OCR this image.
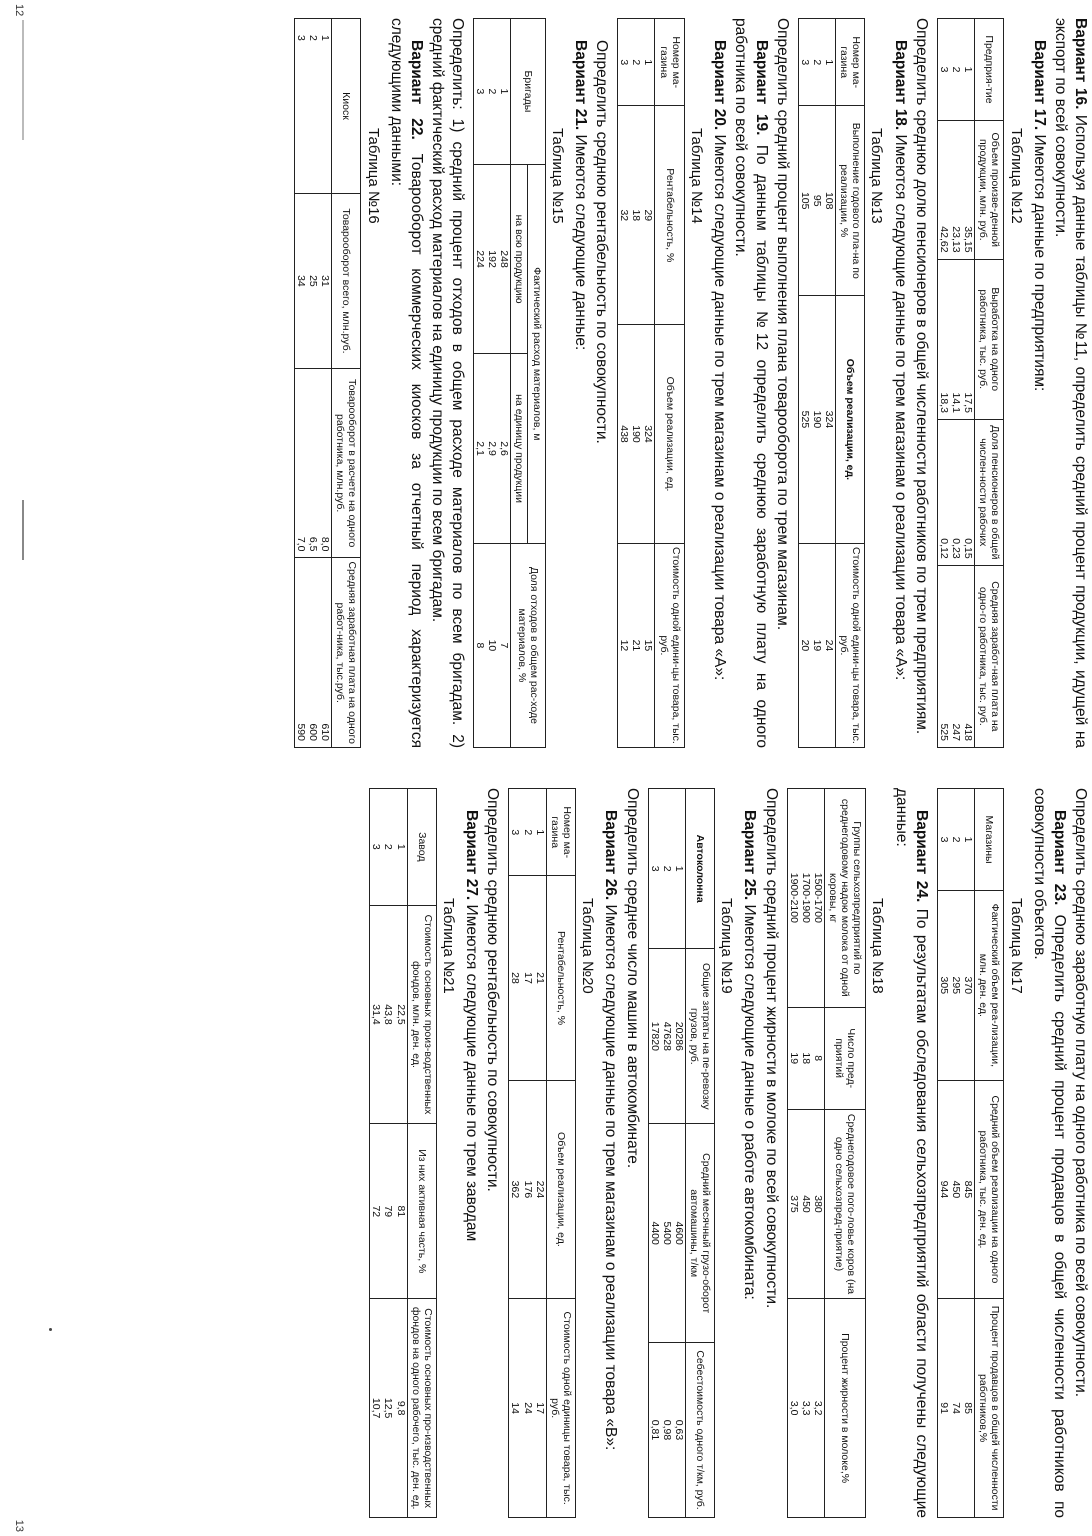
Вариант 16. Используя данные таблицы №11, определить средний процент продукции, идущей на экспорт по всей совокупности.

Вариант 17. Имеются данные по предприятиям:

Таблица №12
Предприя-тие	Объем произве-денной продукции, млн. руб.	Выработка на одного работника, тыс. руб.	Доля пенсионеров в общей числен-ности рабочих	Средняя заработ-ная плата на одно-го работника, тыс. руб.
1	35,15	17,5	0,15	418
2	23,13	14,1	0,23	247
3	42,62	18,3	0,12	525

Определить среднюю долю пенсионеров в общей численности работников по трем предприятиям.

Вариант 18. Имеются следующие данные по трем магазинам о реализации товара «А»:

Таблица №13
Номер ма-газина	Выполнение годового пла-на по реализации, %	Объем реализации, ед.	Стоимость одной едини-цы товара, тыс. руб.
1	108	324	24
2	95	190	19
3	105	525	20

Определить средний процент выполнения плана товарооборота по трем магазинам.

Вариант 19. По данным таблицы №12 определить среднюю заработную плату на одного работника по всей совокупности.

Вариант 20. Имеются следующие данные по трем магазинам о реализации товара «А»:

Таблица №14
Номер ма-газина	Рентабельность, %	Объем реализации, ед.	Стоимость одной едини-цы товара, тыс. руб.
1	29	324	15
2	18	190	21
3	32	438	12

Определить среднюю рентабельность по совокупности.

Вариант 21. Имеются следующие данные:

Таблица №15
Бригады	Фактический расход материалов, м		Доля отходов в общем рас-ходе материалов, %
	на всю продукцию	на единицу продукции	
1	248	2,6	7
2	192	2,9	10
3	224	2,1	8

Определить: 1) средний процент отходов в общем расходе материалов по всем бригадам. 2) средний фактический расход материалов на единицу продукции по всем бригадам.

Вариант 22. Товарооборот коммерческих киосков за отчетный период характеризуется следующими данными:

Таблица №16
Киоск	Товарооборот всего, млн.руб.	Товарооборот в расчете на одного работника, млн.руб.	Средняя заработная плата на одного работ-ника, тыс.руб.
1	31	8,0	610
2	25	6,5	600
3	34	7,0	590
12

Определить среднюю заработную плату на одного работника по всей совокупности.

Вариант 23. Определить средний процент продавцов в общей численности работников по совокупности объектов.

Таблица №17
Магазины	Фактический объем реа-лизации, млн. ден. ед.	Средний объем реализации на одного работника, тыс. ден. ед.	Процент продавцов в общей численности работников,%
1	370	845	85
2	295	450	74
3	305	944	91

Вариант 24. По результатам обследования сельхозпредприятий области получены следующие данные:

Таблица №18
Группы сельхозпредприятий по среднегодовому надою молока от одной коровы, кг	Число пред-приятий	Среднегодовое пого-ловье коров (на одно сельхозпред-приятие)	Процент жирности в молоке,%
1500-1700	8	380	3,2
1700-1900	18	450	3,3
1900-2100	19	375	3,0

Определить средний процент жирности в молоке по всей совокупности.

Вариант 25. Имеются следующие данные о работе автокомбината:

Таблица №19
Автоколонна	Общие затраты на пе-ревозку грузов, руб.	Средний месячный грузо-оборот автомашины, т/км	Себестоимость одного т/км, руб.
1	20286	4600	0,63
2	47628	5400	0,98
3	17820	4400	0,81

Определить среднее число машин в автокомбинате.

Вариант 26. Имеются следующие данные по трем магазинам о реализации товара «В»:

Таблица №20
Номер ма-газина	Рентабельность, %	Объем реализации, ед.	Стоимость одной единицы товара, тыс. руб.
1	21	224	17
2	17	176	24
3	28	362	14

Определить среднюю рентабельность по совокупности.

Вариант 27. Имеются следующие данные по трем заводам

Таблица №21
Завод	Стоимость основных произ-водственных фондов, млн. ден. ед.	Из них активная часть, %	Стоимость основных про-изводственных фондов на одного рабочего, тыс. ден. ед.
1	22,5	81	9,8
2	43,8	79	12,5
3	31,4	72	10,7
13
